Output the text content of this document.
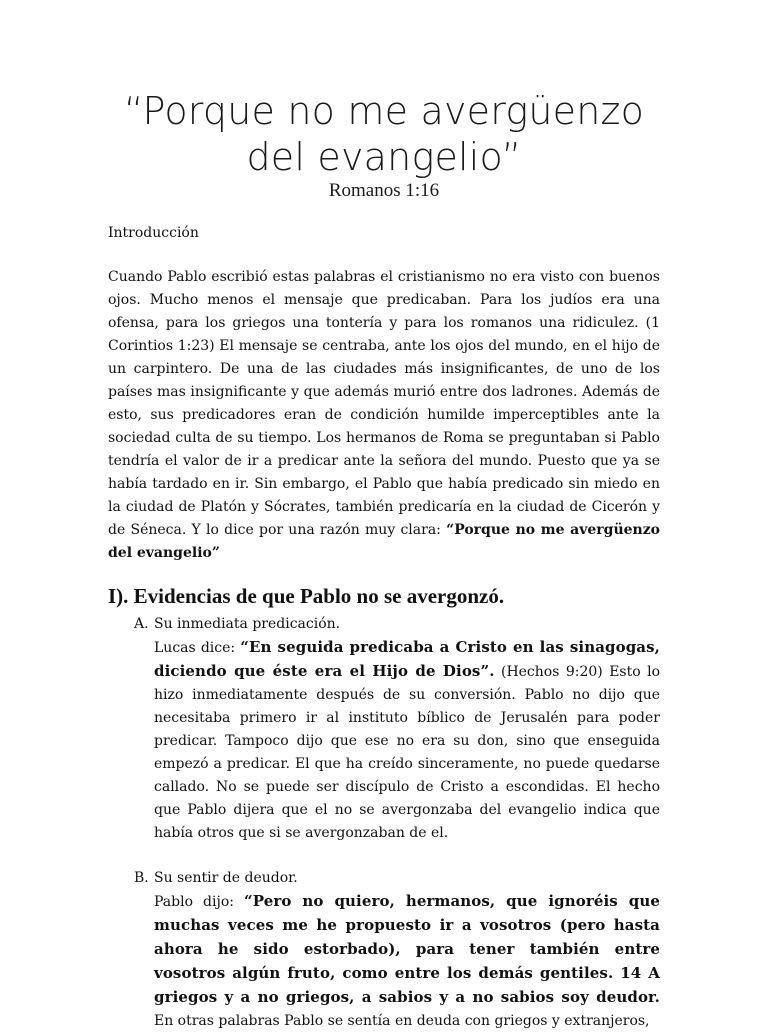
“Porque no me avergüenzo
del evangelio”

Romanos 1:16

Introducción

Cuando Pablo escribió estas palabras el cristianismo no era visto con buenos ojos. Mucho menos el mensaje que predicaban. Para los judíos era una ofensa, para los griegos una tontería y para los romanos una ridiculez. (1 Corintios 1:23) El mensaje se centraba, ante los ojos del mundo, en el hijo de un carpintero. De una de las ciudades más insignificantes, de uno de los países mas insignificante y que además murió entre dos ladrones. Además de esto, sus predicadores eran de condición humilde imperceptibles ante la sociedad culta de su tiempo. Los hermanos de Roma se preguntaban si Pablo tendría el valor de ir a predicar ante la señora del mundo. Puesto que ya se había tardado en ir. Sin embargo, el Pablo que había predicado sin miedo en la ciudad de Platón y Sócrates, también predicaría en la ciudad de Cicerón y de Séneca. Y lo dice por una razón muy clara: “Porque no me avergüenzo del evangelio”

I). Evidencias de que Pablo no se avergonzó.
A. Su inmediata predicación.

Lucas dice: “En seguida predicaba a Cristo en las sinagogas, diciendo que éste era el Hijo de Dios”. (Hechos 9:20) Esto lo hizo inmediatamente después de su conversión. Pablo no dijo que necesitaba primero ir al instituto bíblico de Jerusalén para poder predicar. Tampoco dijo que ese no era su don, sino que enseguida empezó a predicar. El que ha creído sinceramente, no puede quedarse callado. No se puede ser discípulo de Cristo a escondidas. El hecho que Pablo dijera que el no se avergonzaba del evangelio indica que había otros que si se avergonzaban de el.

B. Su sentir de deudor.

Pablo dijo: “Pero no quiero, hermanos, que ignoréis que muchas veces me he propuesto ir a vosotros (pero hasta ahora he sido estorbado), para tener también entre vosotros algún fruto, como entre los demás gentiles. 14 A griegos y a no griegos, a sabios y a no sabios soy deudor. En otras palabras Pablo se sentía en deuda con griegos y extranjeros,
